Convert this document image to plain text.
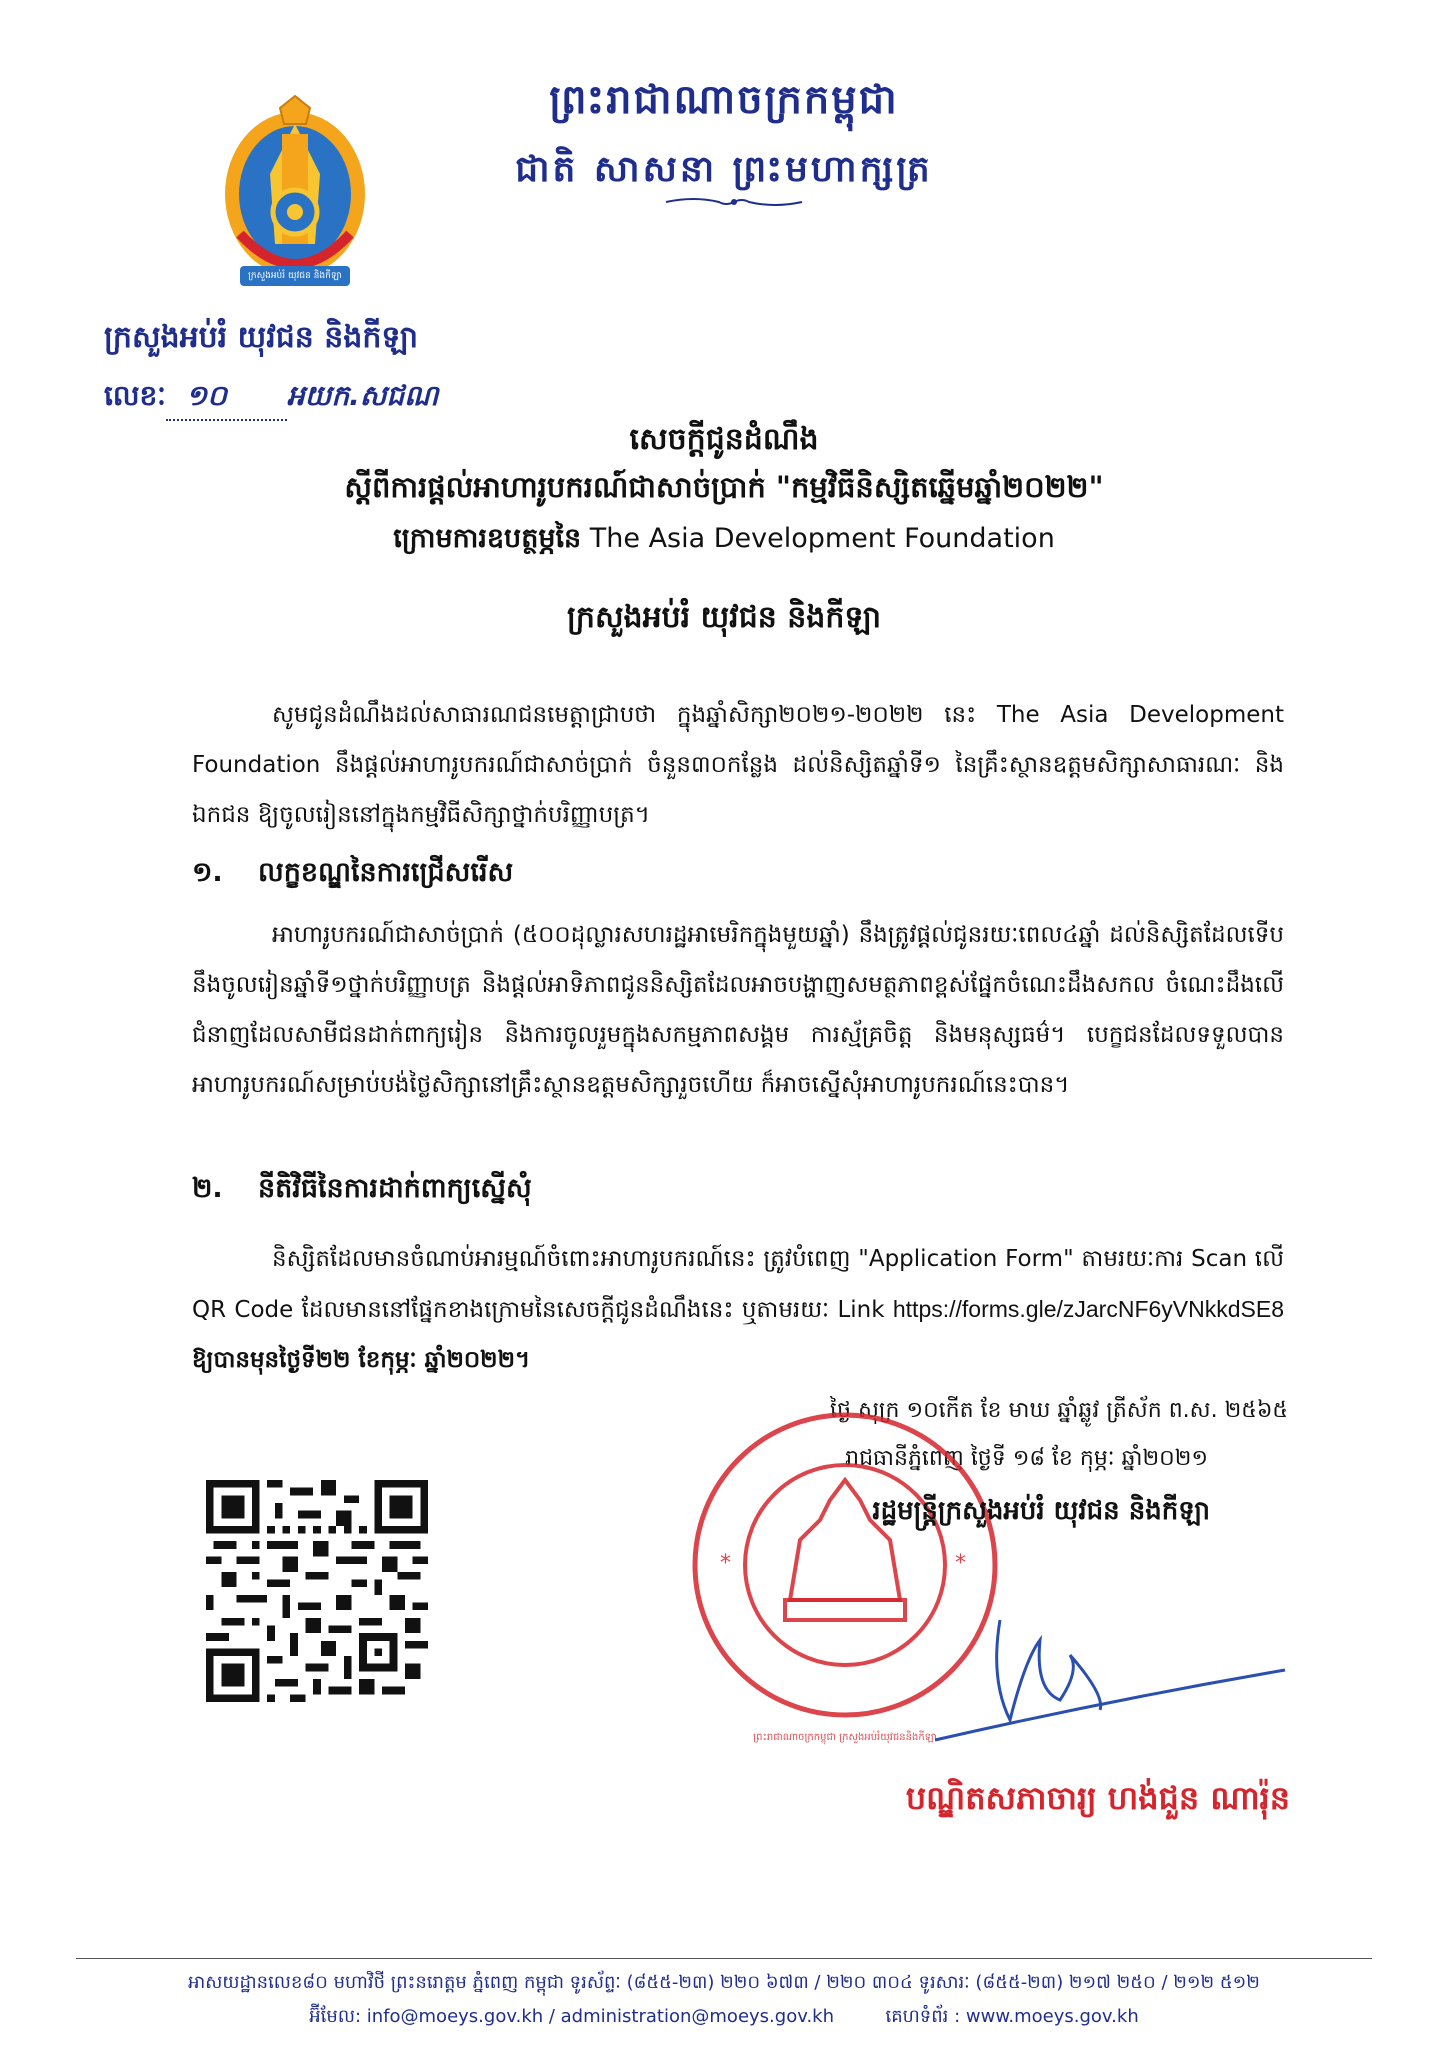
ក្រសួងអប់រំ យុវជន និងកីឡា
ព្រះរាជាណាចក្រកម្ពុជា
ជាតិ សាសនា ព្រះមហាក្សត្រ
ក្រសួងអប់រំ យុវជន និងកីឡា
លេខៈ ១០ អយក.សជណ
សេចក្តីជូនដំណឹង
ស្តីពីការផ្តល់អាហារូបករណ៍ជាសាច់ប្រាក់ "កម្មវិធីនិស្សិតឆ្នើមឆ្នាំ២០២២"
ក្រោមការឧបត្ថម្ភនៃ The Asia Development Foundation
ក្រសួងអប់រំ យុវជន និងកីឡា
សូមជូនដំណឹងដល់សាធារណជនមេត្តាជ្រាបថា ក្នុងឆ្នាំសិក្សា២០២១-២០២២ នេះ The Asia Development Foundation នឹងផ្តល់អាហារូបករណ៍ជាសាច់ប្រាក់ ចំនួន៣០កន្លែង ដល់និស្សិតឆ្នាំទី១ នៃគ្រឹះស្ថានឧត្តមសិក្សាសាធារណៈ និងឯកជន ឱ្យចូលរៀននៅក្នុងកម្មវិធីសិក្សាថ្នាក់បរិញ្ញាបត្រ។
១. លក្ខខណ្ឌនៃការជ្រើសរើស
អាហារូបករណ៍ជាសាច់ប្រាក់ (៥០០ដុល្លារសហរដ្ឋអាមេរិកក្នុងមួយឆ្នាំ) នឹងត្រូវផ្តល់ជូនរយៈពេល៤ឆ្នាំ ដល់និស្សិតដែលទើបនឹងចូលរៀនឆ្នាំទី១ថ្នាក់បរិញ្ញាបត្រ និងផ្តល់អាទិភាពជូននិស្សិតដែលអាចបង្ហាញសមត្ថភាពខ្ពស់ផ្នែកចំណេះដឹងសកល ចំណេះដឹងលើជំនាញដែលសាមីជនដាក់ពាក្យរៀន និងការចូលរួមក្នុងសកម្មភាពសង្គម ការស្ម័គ្រចិត្ត និងមនុស្សធម៌។ បេក្ខជនដែលទទួលបានអាហារូបករណ៍សម្រាប់បង់ថ្លៃសិក្សានៅគ្រឹះស្ថានឧត្តមសិក្សារួចហើយ ក៏អាចស្នើសុំអាហារូបករណ៍នេះបាន។
២. នីតិវិធីនៃការដាក់ពាក្យស្នើសុំ
និស្សិតដែលមានចំណាប់អារម្មណ៍ចំពោះអាហារូបករណ៍នេះ ត្រូវបំពេញ "Application Form" តាមរយៈការ Scan លើ QR Code ដែលមាននៅផ្នែកខាងក្រោមនៃសេចក្តីជូនដំណឹងនេះ ឬតាមរយៈ Link https://forms.gle/zJarcNF6yVNkkdSE8 ឱ្យបានមុនថ្ងៃទី២២ ខែកុម្ភៈ ឆ្នាំ២០២២។
ថ្ងៃ សុក្រ ១០កើត ខែ មាឃ ឆ្នាំឆ្លូវ ត្រីស័ក ព.ស. ២៥៦៥
រាជធានីភ្នំពេញ ថ្ងៃទី ១៨ ខែ កុម្ភៈ ឆ្នាំ២០២១
*	*
ព្រះរាជាណាចក្រកម្ពុជា ក្រសួងអប់រំយុវជននិងកីឡា
រដ្ឋមន្ត្រីក្រសួងអប់រំ យុវជន និងកីឡា
បណ្ឌិតសភាចារ្យ ហង់ជួន ណារ៉ុន
អាសយដ្ឋានលេខ៨០ មហាវិថី ព្រះនរោត្តម ភ្នំពេញ កម្ពុជា ទូរស័ព្ទៈ (៨៥៥-២៣) ២២០ ៦៧៣ / ២២០ ៣០៤ ទូរសារៈ (៨៥៥-២៣) ២១៧ ២៥០ / ២១២ ៥១២
អ៊ីមែល: info@moeys.gov.kh / administration@moeys.gov.kh	គេហទំព័រ : www.moeys.gov.kh
